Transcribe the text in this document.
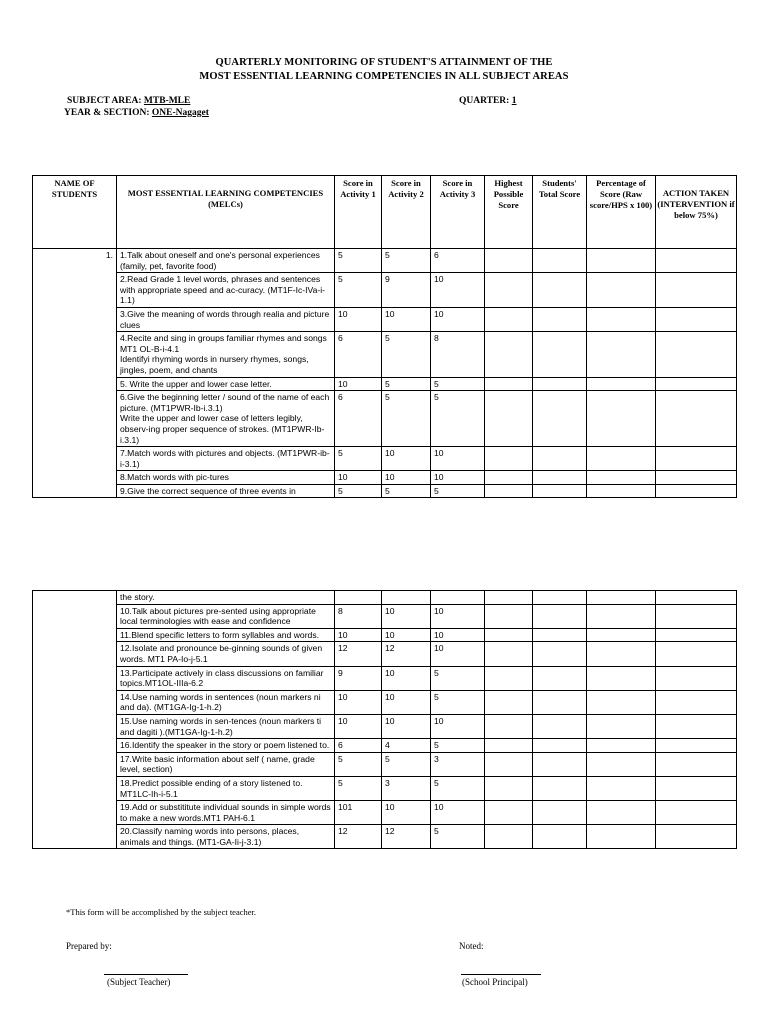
QUARTERLY MONITORING OF STUDENT'S ATTAINMENT OF THE
MOST ESSENTIAL LEARNING COMPETENCIES IN ALL SUBJECT AREAS
SUBJECT AREA: MTB-MLE
YEAR & SECTION: ONE-Nagaget
QUARTER: 1
NAME OF STUDENTS	MOST ESSENTIAL LEARNING COMPETENCIES (MELCs)	Score in Activity 1	Score in Activity 2	Score in Activity 3	Highest Possible Score	Students' Total Score	Percentage of Score (Raw score/HPS x 100)	ACTION TAKEN (INTERVENTION if below 75%)
1.	1.Talk about oneself and one's personal experiences (family, pet, favorite food)	5	5	6				
	2.Read Grade 1 level words, phrases and sentences with appropriate speed and ac-curacy. (MT1F-Ic-IVa-i-1.1)	5	9	10				
	3.Give the meaning of words through realia and picture clues	10	10	10				
	4.Recite and sing in groups familiar rhymes and songs MT1 OL-B-i-4.1
Identifyi rhyming words in nursery rhymes, songs, jingles, poem, and chants	6	5	8				
	5. Write the upper and lower case letter.	10	5	5				
	6.Give the beginning letter / sound of the name of each picture. (MT1PWR-Ib-i.3.1)
Write the upper and lower case of letters legibly, observ-ing proper sequence of strokes. (MT1PWR-Ib-i.3.1)	6	5	5				
	7.Match words with pictures and objects. (MT1PWR-ib-i-3.1)	5	10	10				
	8.Match words with pic-tures	10	10	10				
	9.Give the correct sequence of three events in	5	5	5				
	the story.							
	10.Talk about pictures pre-sented using appropriate local terminologies with ease and confidence	8	10	10				
	11.Blend specific letters to form syllables and words.	10	10	10				
	12.Isolate and pronounce be-ginning sounds of given words. MT1 PA-Io-j-5.1	12	12	10				
	13.Participate actively in class discussions on familiar topics.MT1OL-IIIa-6.2	9	10	5				
	14.Use naming words in sentences (noun markers ni and da). (MT1GA-Ig-1-h.2)	10	10	5				
	15.Use naming words in sen-tences (noun markers ti and dagiti ).(MT1GA-Ig-1-h.2)	10	10	10				
	16.Identify the speaker in the story or poem listened to.	6	4	5				
	17.Write basic information about self ( name, grade level, section)	5	5	3				
	18.Predict possible ending of a story listened to. MT1LC-Ih-i-5.1	5	3	5				
	19.Add or substititute individual sounds in simple words to make a new words.MT1 PAH-6.1	101	10	10				
	20.Classify naming words into persons, places, animals and things. (MT1-GA-Ii-j-3.1)	12	12	5				
*This form will be accomplished by the subject teacher.
Prepared by:	Noted:
(Subject Teacher)	(School Principal)
